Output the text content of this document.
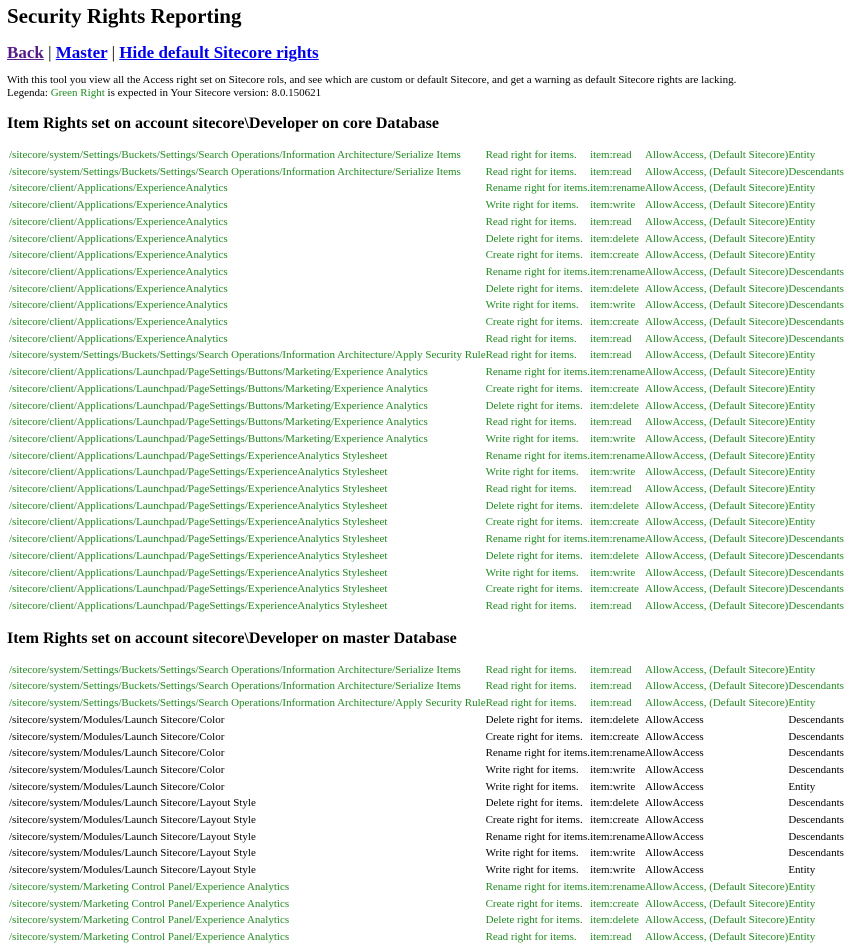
Security Rights Reporting
Back | Master | Hide default Sitecore rights
With this tool you view all the Access right set on Sitecore rols, and see which are custom or default Sitecore, and get a warning as default Sitecore rights are lacking.
Legenda: Green Right is expected in Your Sitecore version: 8.0.150621
Item Rights set on account sitecore\Developer on core Database
/sitecore/system/Settings/Buckets/Settings/Search Operations/Information Architecture/Serialize Items	Read right for items.	item:read	AllowAccess, (Default Sitecore)	Entity
/sitecore/system/Settings/Buckets/Settings/Search Operations/Information Architecture/Serialize Items	Read right for items.	item:read	AllowAccess, (Default Sitecore)	Descendants
/sitecore/client/Applications/ExperienceAnalytics	Rename right for items.	item:rename	AllowAccess, (Default Sitecore)	Entity
/sitecore/client/Applications/ExperienceAnalytics	Write right for items.	item:write	AllowAccess, (Default Sitecore)	Entity
/sitecore/client/Applications/ExperienceAnalytics	Read right for items.	item:read	AllowAccess, (Default Sitecore)	Entity
/sitecore/client/Applications/ExperienceAnalytics	Delete right for items.	item:delete	AllowAccess, (Default Sitecore)	Entity
/sitecore/client/Applications/ExperienceAnalytics	Create right for items.	item:create	AllowAccess, (Default Sitecore)	Entity
/sitecore/client/Applications/ExperienceAnalytics	Rename right for items.	item:rename	AllowAccess, (Default Sitecore)	Descendants
/sitecore/client/Applications/ExperienceAnalytics	Delete right for items.	item:delete	AllowAccess, (Default Sitecore)	Descendants
/sitecore/client/Applications/ExperienceAnalytics	Write right for items.	item:write	AllowAccess, (Default Sitecore)	Descendants
/sitecore/client/Applications/ExperienceAnalytics	Create right for items.	item:create	AllowAccess, (Default Sitecore)	Descendants
/sitecore/client/Applications/ExperienceAnalytics	Read right for items.	item:read	AllowAccess, (Default Sitecore)	Descendants
/sitecore/system/Settings/Buckets/Settings/Search Operations/Information Architecture/Apply Security Rule	Read right for items.	item:read	AllowAccess, (Default Sitecore)	Entity
/sitecore/client/Applications/Launchpad/PageSettings/Buttons/Marketing/Experience Analytics	Rename right for items.	item:rename	AllowAccess, (Default Sitecore)	Entity
/sitecore/client/Applications/Launchpad/PageSettings/Buttons/Marketing/Experience Analytics	Create right for items.	item:create	AllowAccess, (Default Sitecore)	Entity
/sitecore/client/Applications/Launchpad/PageSettings/Buttons/Marketing/Experience Analytics	Delete right for items.	item:delete	AllowAccess, (Default Sitecore)	Entity
/sitecore/client/Applications/Launchpad/PageSettings/Buttons/Marketing/Experience Analytics	Read right for items.	item:read	AllowAccess, (Default Sitecore)	Entity
/sitecore/client/Applications/Launchpad/PageSettings/Buttons/Marketing/Experience Analytics	Write right for items.	item:write	AllowAccess, (Default Sitecore)	Entity
/sitecore/client/Applications/Launchpad/PageSettings/ExperienceAnalytics Stylesheet	Rename right for items.	item:rename	AllowAccess, (Default Sitecore)	Entity
/sitecore/client/Applications/Launchpad/PageSettings/ExperienceAnalytics Stylesheet	Write right for items.	item:write	AllowAccess, (Default Sitecore)	Entity
/sitecore/client/Applications/Launchpad/PageSettings/ExperienceAnalytics Stylesheet	Read right for items.	item:read	AllowAccess, (Default Sitecore)	Entity
/sitecore/client/Applications/Launchpad/PageSettings/ExperienceAnalytics Stylesheet	Delete right for items.	item:delete	AllowAccess, (Default Sitecore)	Entity
/sitecore/client/Applications/Launchpad/PageSettings/ExperienceAnalytics Stylesheet	Create right for items.	item:create	AllowAccess, (Default Sitecore)	Entity
/sitecore/client/Applications/Launchpad/PageSettings/ExperienceAnalytics Stylesheet	Rename right for items.	item:rename	AllowAccess, (Default Sitecore)	Descendants
/sitecore/client/Applications/Launchpad/PageSettings/ExperienceAnalytics Stylesheet	Delete right for items.	item:delete	AllowAccess, (Default Sitecore)	Descendants
/sitecore/client/Applications/Launchpad/PageSettings/ExperienceAnalytics Stylesheet	Write right for items.	item:write	AllowAccess, (Default Sitecore)	Descendants
/sitecore/client/Applications/Launchpad/PageSettings/ExperienceAnalytics Stylesheet	Create right for items.	item:create	AllowAccess, (Default Sitecore)	Descendants
/sitecore/client/Applications/Launchpad/PageSettings/ExperienceAnalytics Stylesheet	Read right for items.	item:read	AllowAccess, (Default Sitecore)	Descendants
Item Rights set on account sitecore\Developer on master Database
/sitecore/system/Settings/Buckets/Settings/Search Operations/Information Architecture/Serialize Items	Read right for items.	item:read	AllowAccess, (Default Sitecore)	Entity
/sitecore/system/Settings/Buckets/Settings/Search Operations/Information Architecture/Serialize Items	Read right for items.	item:read	AllowAccess, (Default Sitecore)	Descendants
/sitecore/system/Settings/Buckets/Settings/Search Operations/Information Architecture/Apply Security Rule	Read right for items.	item:read	AllowAccess, (Default Sitecore)	Entity
/sitecore/system/Modules/Launch Sitecore/Color	Delete right for items.	item:delete	AllowAccess	Descendants
/sitecore/system/Modules/Launch Sitecore/Color	Create right for items.	item:create	AllowAccess	Descendants
/sitecore/system/Modules/Launch Sitecore/Color	Rename right for items.	item:rename	AllowAccess	Descendants
/sitecore/system/Modules/Launch Sitecore/Color	Write right for items.	item:write	AllowAccess	Descendants
/sitecore/system/Modules/Launch Sitecore/Color	Write right for items.	item:write	AllowAccess	Entity
/sitecore/system/Modules/Launch Sitecore/Layout Style	Delete right for items.	item:delete	AllowAccess	Descendants
/sitecore/system/Modules/Launch Sitecore/Layout Style	Create right for items.	item:create	AllowAccess	Descendants
/sitecore/system/Modules/Launch Sitecore/Layout Style	Rename right for items.	item:rename	AllowAccess	Descendants
/sitecore/system/Modules/Launch Sitecore/Layout Style	Write right for items.	item:write	AllowAccess	Descendants
/sitecore/system/Modules/Launch Sitecore/Layout Style	Write right for items.	item:write	AllowAccess	Entity
/sitecore/system/Marketing Control Panel/Experience Analytics	Rename right for items.	item:rename	AllowAccess, (Default Sitecore)	Entity
/sitecore/system/Marketing Control Panel/Experience Analytics	Create right for items.	item:create	AllowAccess, (Default Sitecore)	Entity
/sitecore/system/Marketing Control Panel/Experience Analytics	Delete right for items.	item:delete	AllowAccess, (Default Sitecore)	Entity
/sitecore/system/Marketing Control Panel/Experience Analytics	Read right for items.	item:read	AllowAccess, (Default Sitecore)	Entity
